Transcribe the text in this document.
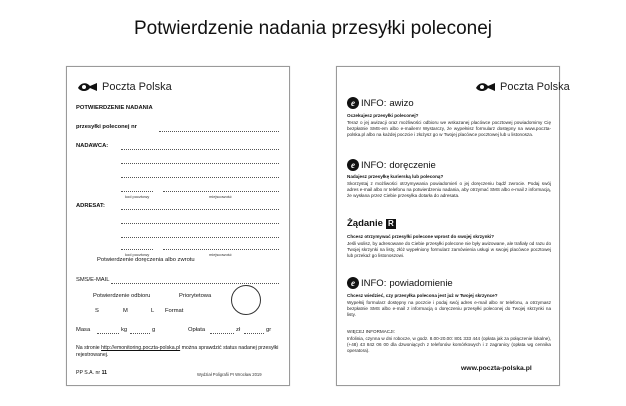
Potwierdzenie nadania przesyłki poleconej
Poczta Polska
POTWIERDZENIE NADANIA
przesyłki poleconej nr
NADAWCA:
kod pocztowy	miejscowość
ADRESAT:
kod pocztowy	miejscowość
Potwierdzenie doręczenia albo zwrotu
SMS/E-MAIL
Potwierdzenie odbioru	Priorytetowa
S	M	L Format
Masa	kg	g	Opłata	zł	gr
Na stronie http://emonitoring.poczta-polska.pl można sprawdzić status nadanej przesyłki rejestrowanej.
PP S.A. nr 11	Wydział Poligrafii PI Wrocław 2019
Poczta Polska
e INFO: awizo
Oczekujesz przesyłki poleconej?
Teraz o jej awizacji oraz możliwości odbioru we wskazanej placówce pocztowej powiadomimy Cię bezpłatnie SMS-em albo e-mailem! Wystarczy, że wypełnisz formularz dostępny na www.poczta-polska.pl albo na każdej poczcie i złożysz go w Twojej placówce pocztowej lub u listonosza.
e INFO: doręczenie
Nadajesz przesyłkę kurierską lub poleconą?
Skorzystaj z możliwości otrzymywania powiadomień o jej doręczeniu bądź zwrocie. Podaj swój adres e-mail albo nr telefonu na potwierdzeniu nadania, aby otrzymać SMS albo e-mail z informacją, że wysłana przez Ciebie przesyłka dotarła do adresata.
Żądanie R
Chcesz otrzymywać przesyłki polecone wprost do swojej skrzynki?
Jeśli wolisz, by adresowane do Ciebie przesyłki polecone nie były awizowane, ale trafiały od razu do Twojej skrzynki na listy, złóż wypełniony formularz zamówienia usługi w swojej placówce pocztowej lub przekaż go listonoszowi.
e INFO: powiadomienie
Chcesz wiedzieć, czy przesyłka polecona jest już w Twojej skrzynce?
Wypełnij formularz dostępny na poczcie i podaj swój adres e-mail albo nr telefonu, a otrzymasz bezpłatnie SMS albo e-mail z informacją o doręczeniu przesyłki poleconej do Twojej skrzynki na listy.
WIĘCEJ INFORMACJI:
Infolinia, czynna w dni robocze, w godz. 8.00-20.00: 801 333 444 (opłata jak za połączenie lokalne), (+48) 43 842 06 00 dla dzwoniących z telefonów komórkowych i z zagranicy (opłata wg cennika operatora).
www.poczta-polska.pl
